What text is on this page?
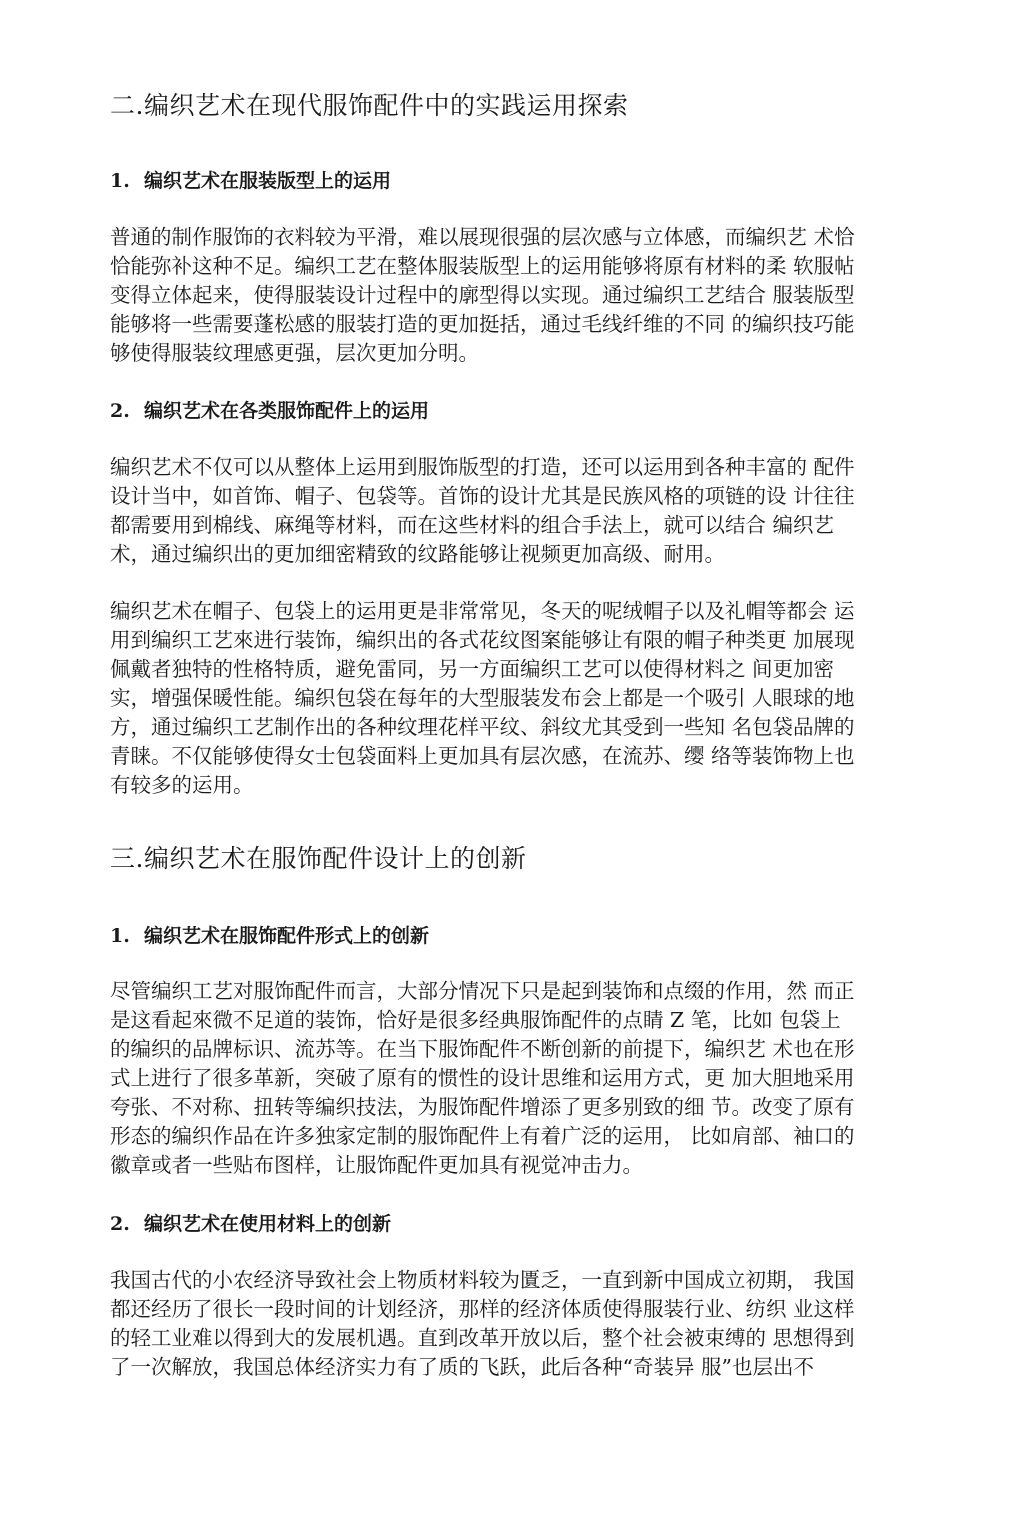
二.编织艺术在现代服饰配件中的实践运用探索
1. 编织艺术在服装版型上的运用
普通的制作服饰的衣料较为平滑，难以展现很强的层次感与立体感，而编织艺 术恰
恰能弥补这种不足。编织工艺在整体服装版型上的运用能够将原有材料的柔 软服帖
变得立体起来，使得服装设计过程中的廓型得以实现。通过编织工艺结合 服装版型
能够将一些需要蓬松感的服装打造的更加挺括，通过毛线纤维的不同 的编织技巧能
够使得服装纹理感更强，层次更加分明。
2. 编织艺术在各类服饰配件上的运用
编织艺术不仅可以从整体上运用到服饰版型的打造，还可以运用到各种丰富的 配件
设计当中，如首饰、帽子、包袋等。首饰的设计尤其是民族风格的项链的设 计往往
都需要用到棉线、麻绳等材料，而在这些材料的组合手法上，就可以结合 编织艺
术，通过编织出的更加细密精致的纹路能够让视频更加高级、耐用。
编织艺术在帽子、包袋上的运用更是非常常见，冬天的呢绒帽子以及礼帽等都会 运
用到编织工艺來进行装饰，编织出的各式花纹图案能够让有限的帽子种类更 加展现
佩戴者独特的性格特质，避免雷同，另一方面编织工艺可以使得材料之 间更加密
实，增强保暖性能。编织包袋在每年的大型服装发布会上都是一个吸引 人眼球的地
方，通过编织工艺制作出的各种纹理花样平纹、斜纹尤其受到一些知 名包袋品牌的
青睐。不仅能够使得女士包袋面料上更加具有层次感，在流苏、缨 络等装饰物上也
有较多的运用。
三.编织艺术在服饰配件设计上的创新
1. 编织艺术在服饰配件形式上的创新
尽管编织工艺对服饰配件而言，大部分情况下只是起到装饰和点缀的作用，然 而正
是这看起來微不足道的装饰，恰好是很多经典服饰配件的点睛 Z 笔，比如 包袋上
的编织的品牌标识、流苏等。在当下服饰配件不断创新的前提下，编织艺 术也在形
式上进行了很多革新，突破了原有的惯性的设计思维和运用方式，更 加大胆地采用
夸张、不对称、扭转等编织技法，为服饰配件增添了更多别致的细 节。改变了原有
形态的编织作品在许多独家定制的服饰配件上有着广泛的运用， 比如肩部、袖口的
徽章或者一些贴布图样，让服饰配件更加具有视觉冲击力。
2. 编织艺术在使用材料上的创新
我国古代的小农经济导致社会上物质材料较为匱乏，一直到新中国成立初期， 我国
都还经历了很长一段时间的计划经济，那样的经济体质使得服装行业、纺织 业这样
的轻工业难以得到大的发展机遇。直到改革开放以后，整个社会被束缚的 思想得到
了一次解放，我国总体经济实力有了质的飞跃，此后各种“奇装异 服”也层出不
